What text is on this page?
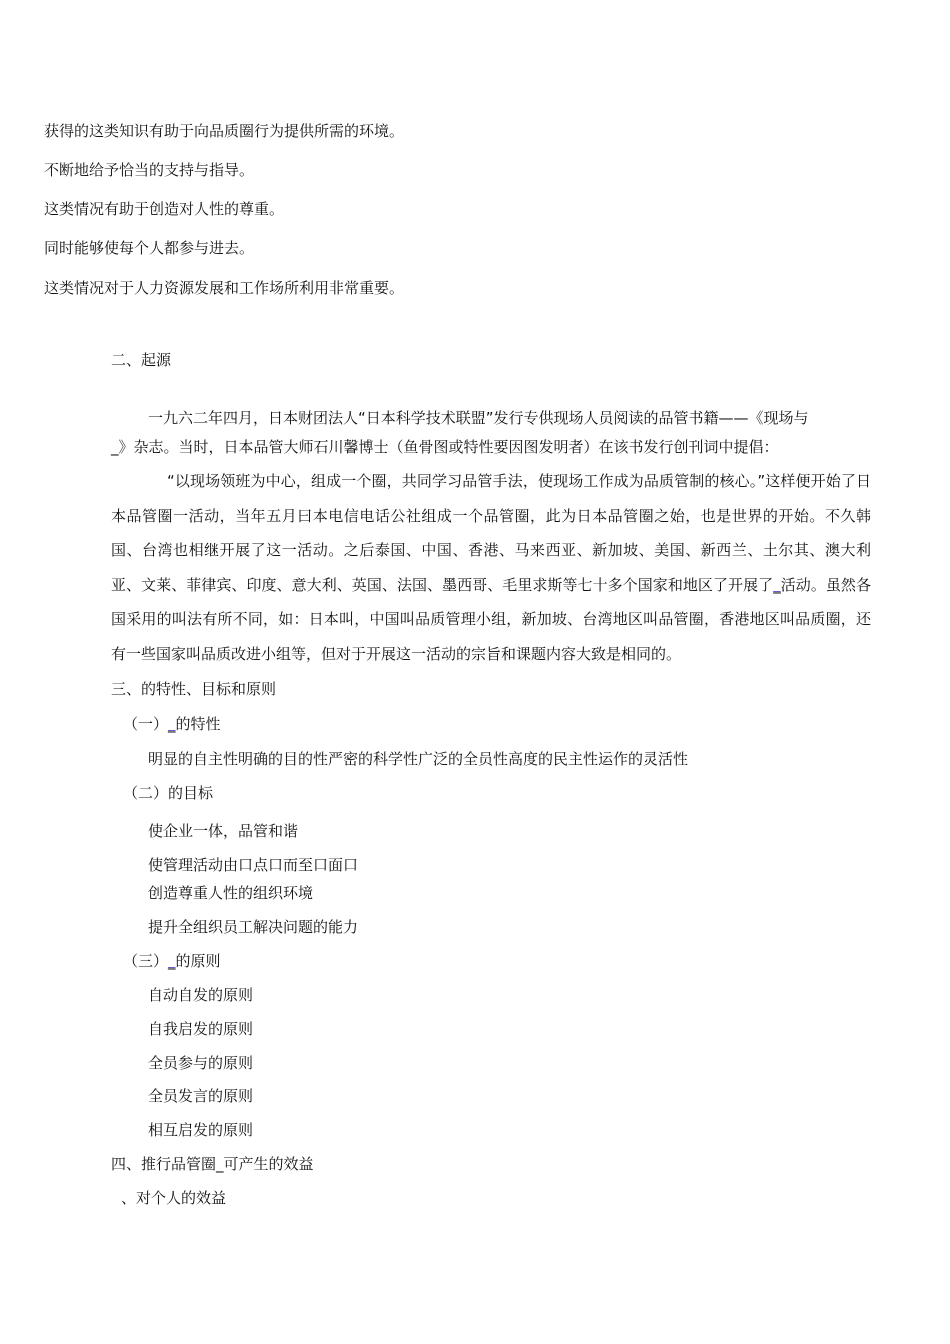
获得的这类知识有助于向品质圈行为提供所需的环境。
不断地给予恰当的支持与指导。
这类情况有助于创造对人性的尊重。
同时能够使每个人都参与进去。
这类情况对于人力资源发展和工作场所利用非常重要。
二、起源
一九六二年四月，日本财团法人“日本科学技术联盟”发行专供现场人员阅读的品管书籍——《现场与
_》杂志。当时，日本品管大师石川馨博士（鱼骨图或特性要因图发明者）在该书发行创刊词中提倡：
“以现场领班为中心，组成一个圈，共同学习品管手法，使现场工作成为品质管制的核心。”这样便开始了日本品管圈一活动，当年五月曰本电信电话公社组成一个品管圈，此为日本品管圈之始，也是世界的开始。不久韩国、台湾也相继开展了这一活动。之后泰国、中国、香港、马来西亚、新加坡、美国、新西兰、土尔其、澳大利亚、文莱、菲律宾、印度、意大利、英国、法国、墨西哥、毛里求斯等七十多个国家和地区了开展了_活动。虽然各国采用的叫法有所不同，如：日本叫，中国叫品质管理小组，新加坡、台湾地区叫品管圈，香港地区叫品质圈，还有一些国家叫品质改进小组等，但对于开展这一活动的宗旨和课题内容大致是相同的。
三、的特性、目标和原则
（一）_的特性
明显的自主性明确的目的性严密的科学性广泛的全员性高度的民主性运作的灵活性
（二）的目标
使企业一体，品管和谐
使管理活动由口点口而至口面口
创造尊重人性的组织环境
提升全组织员工解决问题的能力
（三）_的原则
自动自发的原则
自我启发的原则
全员参与的原则
全员发言的原则
相互启发的原则
四、推行品管圈_可产生的效益
、对个人的效益
